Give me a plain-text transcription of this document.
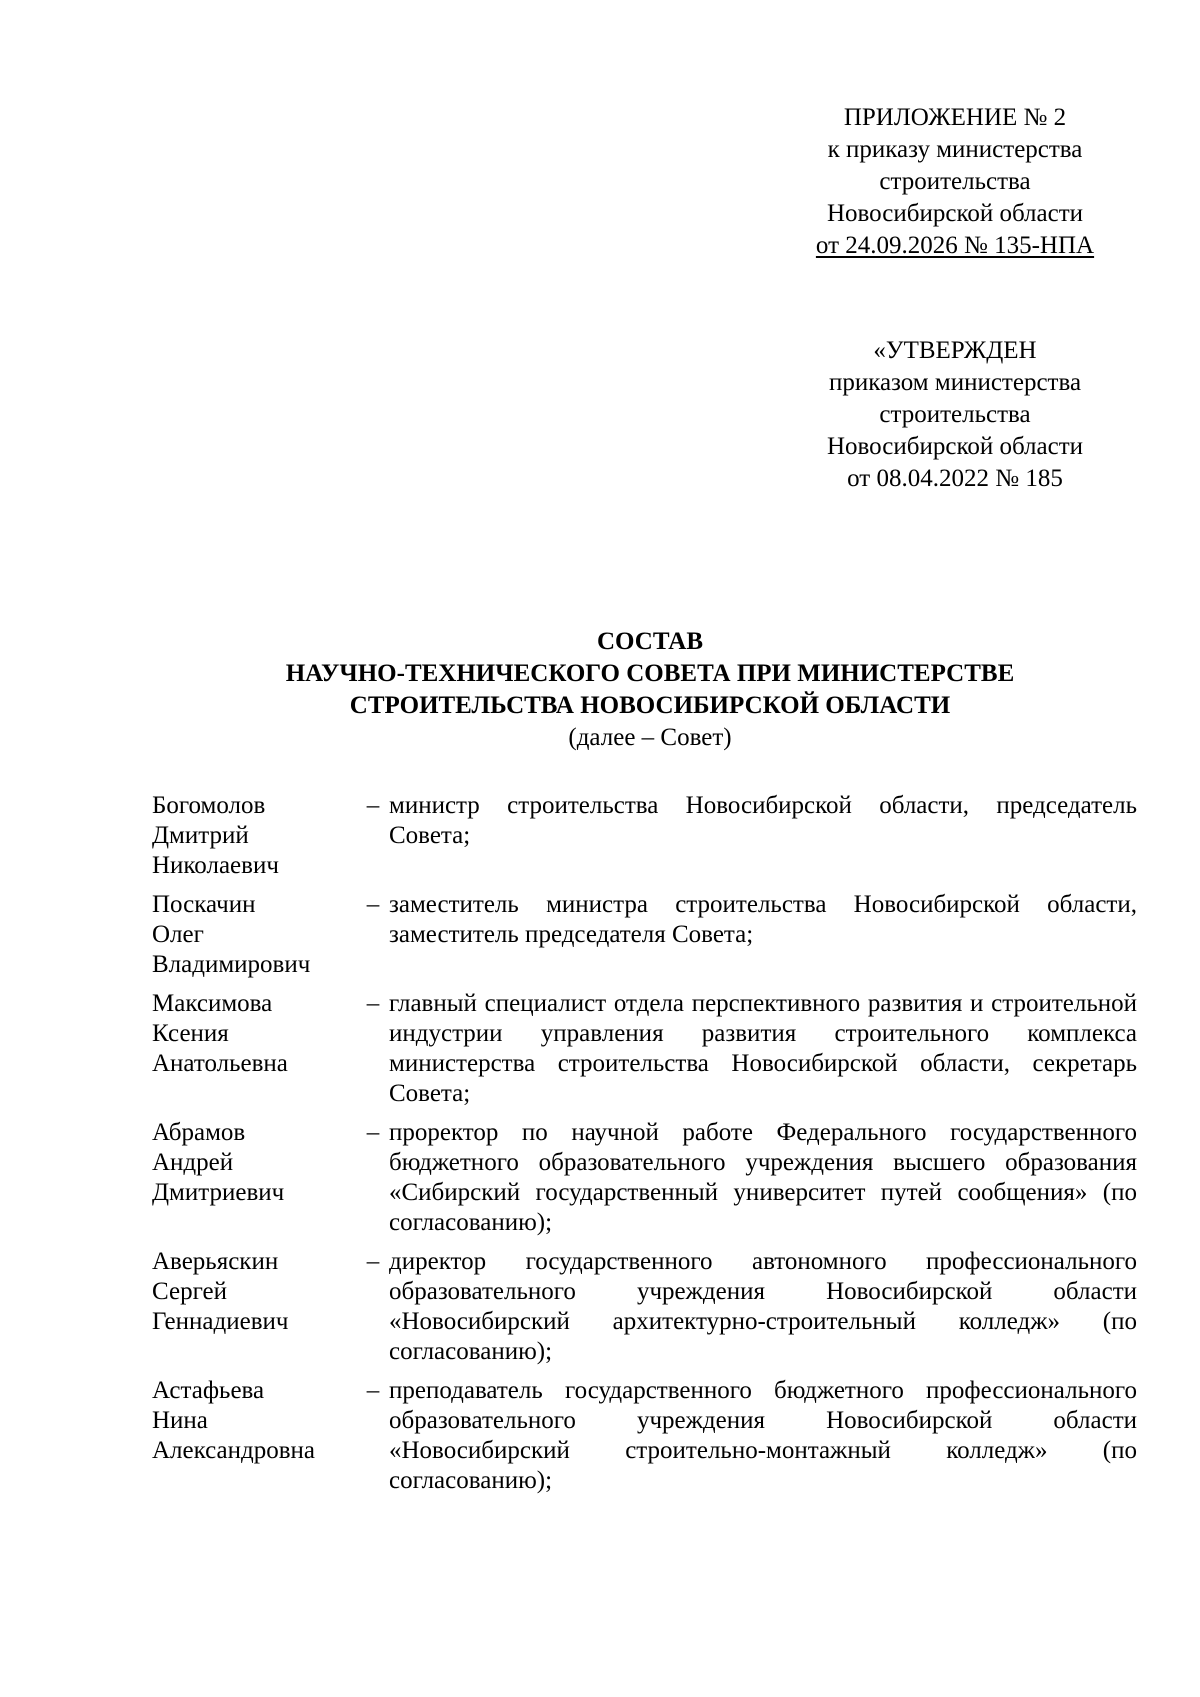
ПРИЛОЖЕНИЕ № 2
к приказу министерства
строительства
Новосибирской области
от 24.09.2026 № 135-НПА
«УТВЕРЖДЕН
приказом министерства
строительства
Новосибирской области
от 08.04.2022 № 185
СОСТАВ
НАУЧНО-ТЕХНИЧЕСКОГО СОВЕТА ПРИ МИНИСТЕРСТВЕ
СТРОИТЕЛЬСТВА НОВОСИБИРСКОЙ ОБЛАСТИ
(далее – Совет)
Богомолов
Дмитрий
Николаевич
– министр строительства Новосибирской области, председатель Совета;
Поскачин
Олег
Владимирович
– заместитель министра строительства Новосибирской области, заместитель председателя Совета;
Максимова
Ксения
Анатольевна
– главный специалист отдела перспективного развития и строительной индустрии управления развития строительного комплекса министерства строительства Новосибирской области, секретарь Совета;
Абрамов
Андрей
Дмитриевич
– проректор по научной работе Федерального государственного бюджетного образовательного учреждения высшего образования «Сибирский государственный университет путей сообщения» (по согласованию);
Аверьяскин
Сергей
Геннадиевич
– директор государственного автономного профессионального образовательного учреждения Новосибирской области «Новосибирский архитектурно-строительный колледж» (по согласованию);
Астафьева
Нина
Александровна
– преподаватель государственного бюджетного профессионального образовательного учреждения Новосибирской области «Новосибирский строительно-монтажный колледж» (по согласованию);
